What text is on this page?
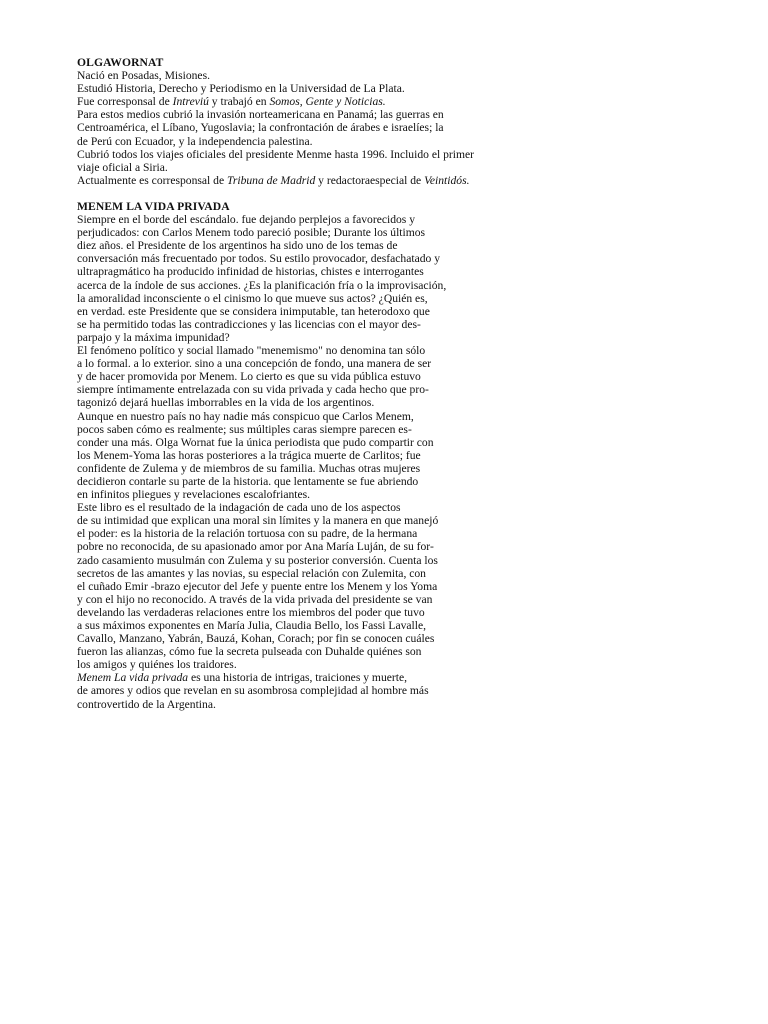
OLGAWORNAT
Nació en Posadas, Misiones.
Estudió Historia, Derecho y Periodismo en la Universidad de La Plata.
Fue corresponsal de Intreviú y trabajó en Somos, Gente y Noticias.
Para estos medios cubrió la invasión norteamericana en Panamá; las guerras en
Centroamérica, el Líbano, Yugoslavia; la confrontación de árabes e israelíes; la
de Perú con Ecuador, y la independencia palestina.
Cubrió todos los viajes oficiales del presidente Menme hasta 1996. Incluido el primer
viaje oficial a Siria.
Actualmente es corresponsal de Tribuna de Madrid y redactoraespecial de Veintidós.
MENEM LA VIDA PRIVADA
Siempre en el borde del escándalo. fue dejando perplejos a favorecidos y
perjudicados: con Carlos Menem todo pareció posible; Durante los últimos
diez años. el Presidente de los argentinos ha sido uno de los temas de
conversación más frecuentado por todos. Su estilo provocador, desfachatado y
ultrapragmático ha producido infinidad de historias, chistes e interrogantes
acerca de la índole de sus acciones. ¿Es la planificación fría o la improvisación,
la amoralidad inconsciente o el cinismo lo que mueve sus actos? ¿Quién es,
en verdad. este Presidente que se considera inimputable, tan heterodoxo que
se ha permitido todas las contradicciones y las licencias con el mayor des-
parpajo y la máxima impunidad?
El fenómeno político y social llamado "menemismo" no denomina tan sólo
a lo formal. a lo exterior. sino a una concepción de fondo, una manera de ser
y de hacer promovida por Menem. Lo cierto es que su vida pública estuvo
siempre íntimamente entrelazada con su vida privada y cada hecho que pro-
tagonizó dejará huellas imborrables en la vida de los argentinos.
Aunque en nuestro país no hay nadie más conspicuo que Carlos Menem,
pocos saben cómo es realmente; sus múltiples caras siempre parecen es-
conder una más. Olga Wornat fue la única periodista que pudo compartir con
los Menem-Yoma las horas posteriores a la trágica muerte de Carlitos; fue
confidente de Zulema y de miembros de su familia. Muchas otras mujeres
decidieron contarle su parte de la historia. que lentamente se fue abriendo
en infinitos pliegues y revelaciones escalofriantes.
Este libro es el resultado de la indagación de cada uno de los aspectos
de su intimidad que explican una moral sin límites y la manera en que manejó
el poder: es la historia de la relación tortuosa con su padre, de la hermana
pobre no reconocida, de su apasionado amor por Ana María Luján, de su for-
zado casamiento musulmán con Zulema y su posterior conversión. Cuenta los
secretos de las amantes y las novias, su especial relación con Zulemita, con
el cuñado Emir -brazo ejecutor del Jefe y puente entre los Menem y los Yoma
y con el hijo no reconocido. A través de la vida privada del presidente se van
develando las verdaderas relaciones entre los miembros del poder que tuvo
a sus máximos exponentes en María Julia, Claudia Bello, los Fassi Lavalle,
Cavallo, Manzano, Yabrán, Bauzá, Kohan, Corach; por fin se conocen cuáles
fueron las alianzas, cómo fue la secreta pulseada con Duhalde quiénes son
los amigos y quiénes los traidores.
Menem La vida privada es una historia de intrigas, traiciones y muerte,
de amores y odios que revelan en su asombrosa complejidad al hombre más
controvertido de la Argentina.
